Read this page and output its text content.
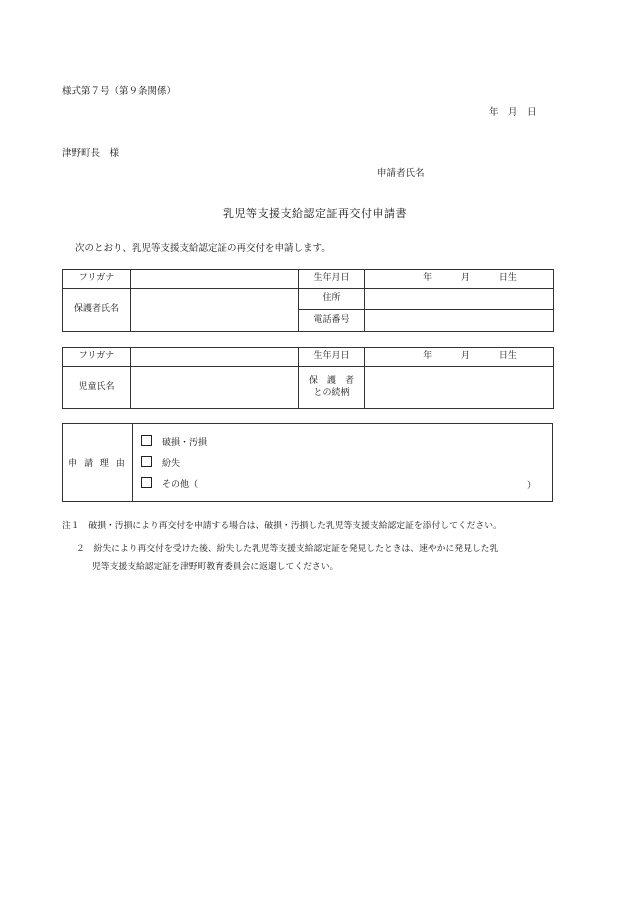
様式第７号（第９条関係）
年　月　日
津野町長　様
申請者氏名
乳児等支援支給認定証再交付申請書
次のとおり、乳児等支援支給認定証の再交付を申請します。
フリガナ		生年月日	年 月 日生
保護者氏名		住所	
		電話番号	
フリガナ		生年月日	年 月 日生
児童氏名		保　護　者
との続柄	

申 請 理 由
破損・汚損
紛失
その他（	）
注１　破損・汚損により再交付を申請する場合は、破損・汚損した乳児等支援支給認定証を添付してください。
２　紛失により再交付を受けた後、紛失した乳児等支援支給認定証を発見したときは、速やかに発見した乳
児等支援支給認定証を津野町教育委員会に返還してください。
